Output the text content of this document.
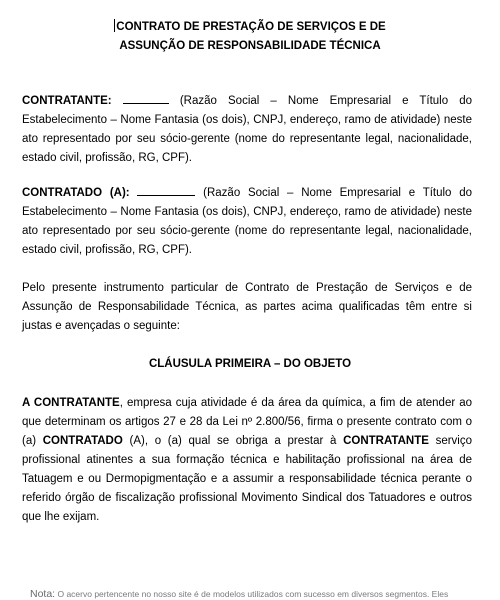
CONTRATO DE PRESTAÇÃO DE SERVIÇOS E DE
ASSUNÇÃO DE RESPONSABILIDADE TÉCNICA
CONTRATANTE:	(Razão Social – Nome Empresarial e Título do Estabelecimento – Nome Fantasia (os dois), CNPJ, endereço, ramo de atividade) neste ato representado por seu sócio-gerente (nome do representante legal, nacionalidade, estado civil, profissão, RG, CPF).
CONTRATADO (A):	(Razão Social – Nome Empresarial e Título do Estabelecimento – Nome Fantasia (os dois), CNPJ, endereço, ramo de atividade) neste ato representado por seu sócio-gerente (nome do representante legal, nacionalidade, estado civil, profissão, RG, CPF).
Pelo presente instrumento particular de Contrato de Prestação de Serviços e de Assunção de Responsabilidade Técnica, as partes acima qualificadas têm entre si justas e avençadas o seguinte:
CLÁUSULA PRIMEIRA – DO OBJETO
A CONTRATANTE, empresa cuja atividade é da área da química, a fim de atender ao que determinam os artigos 27 e 28 da Lei nº 2.800/56, firma o presente contrato com o (a) CONTRATADO (A), o (a) qual se obriga a prestar à CONTRATANTE serviço profissional atinentes a sua formação técnica e habilitação profissional na área de Tatuagem e ou Dermopigmentação e a assumir a responsabilidade técnica perante o referido órgão de fiscalização profissional Movimento Sindical dos Tatuadores e outros que lhe exijam.
Nota: O acervo pertencente no nosso site é de modelos utilizados com sucesso em diversos segmentos. Eles
